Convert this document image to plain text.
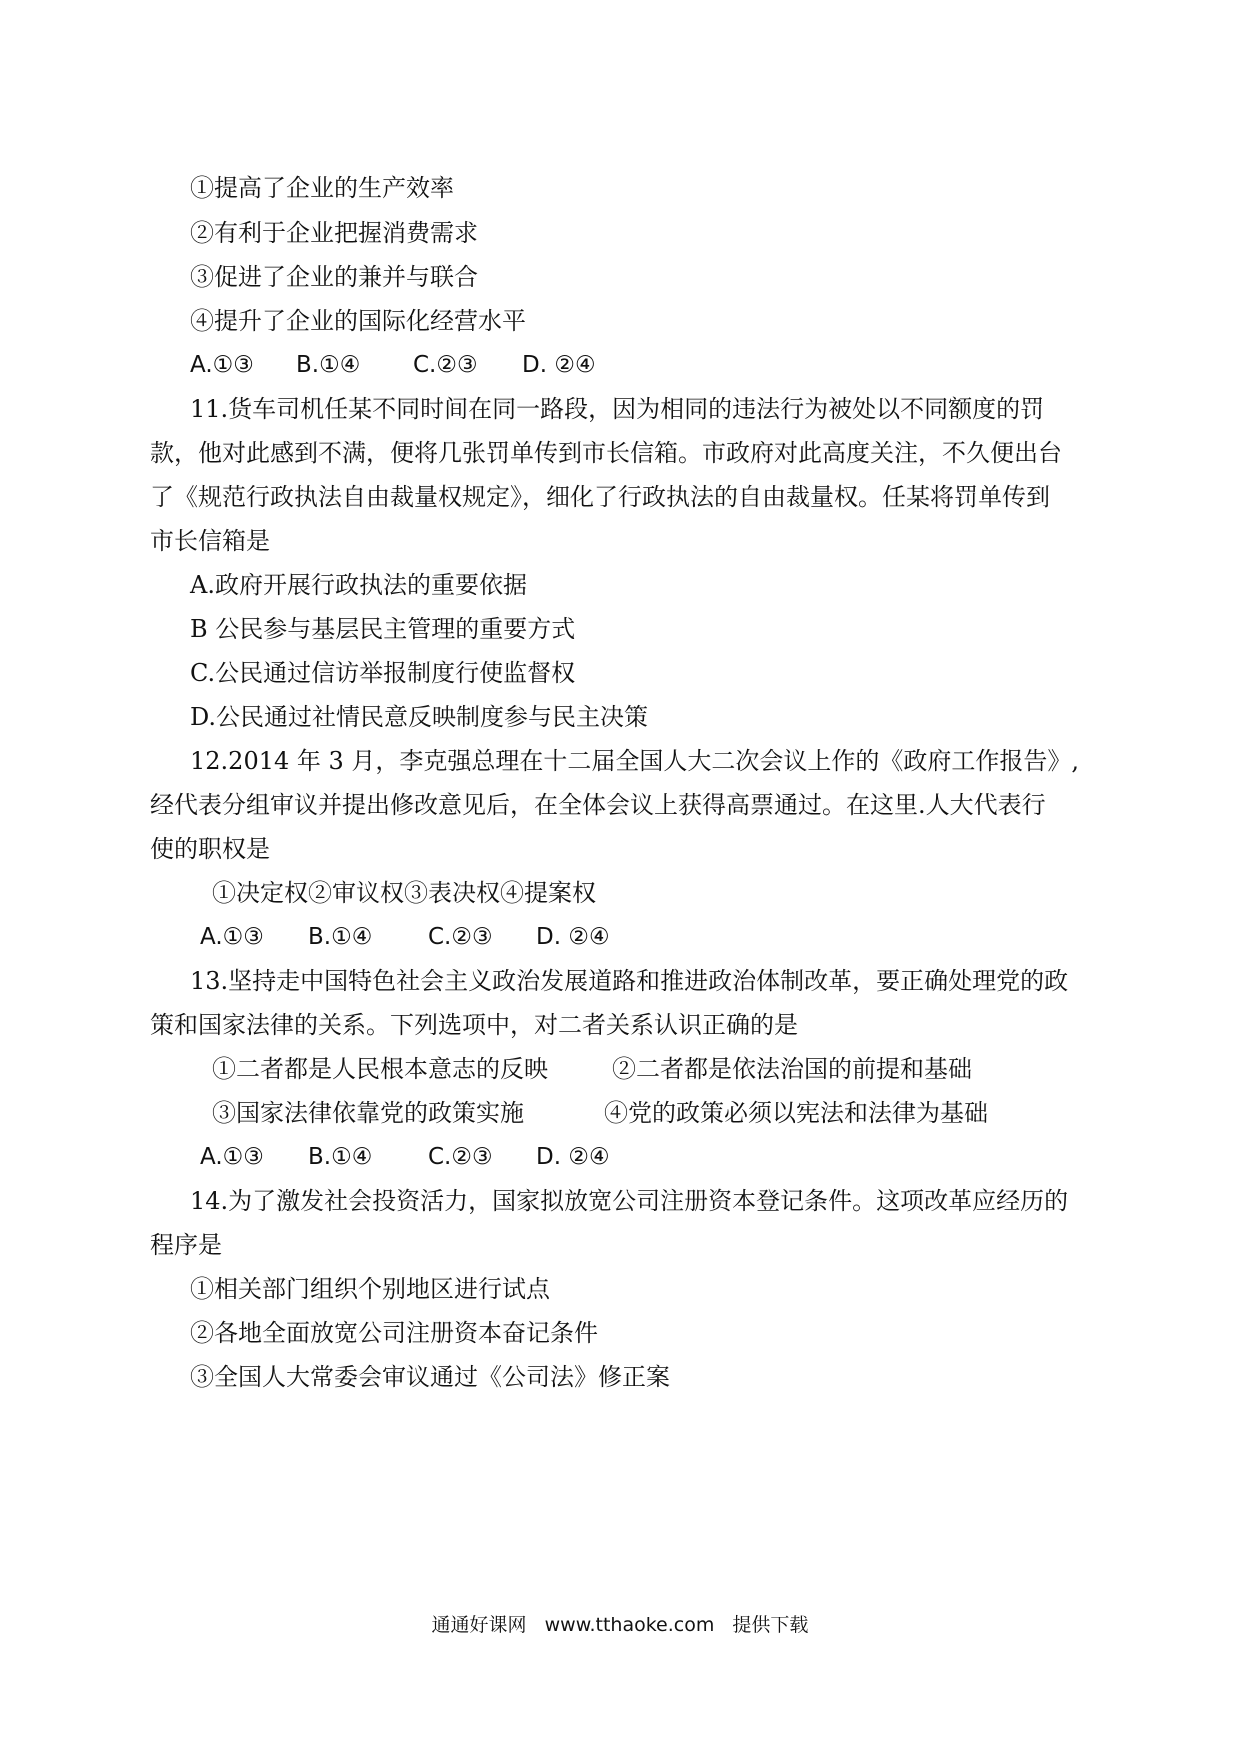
①提高了企业的生产效率
②有利于企业把握消费需求
③促进了企业的兼并与联合
④提升了企业的国际化经营水平
A.①③ B.①④ C.②③ D. ②④
11.货车司机任某不同时间在同一路段，因为相同的违法行为被处以不同额度的罚
款，他对此感到不满，便将几张罚单传到市长信箱。市政府对此高度关注，不久便出台
了《规范行政执法自由裁量权规定》，细化了行政执法的自由裁量权。任某将罚单传到
市长信箱是
A.政府开展行政执法的重要依据
B 公民参与基层民主管理的重要方式
C.公民通过信访举报制度行使监督权
D.公民通过社情民意反映制度参与民主决策
12.2014 年 3 月，李克强总理在十二届全国人大二次会议上作的《政府工作报告》,
经代表分组审议并提出修改意见后，在全体会议上获得高票通过。在这里.人大代表行
使的职权是
①决定权②审议权③表决权④提案权
A.①③ B.①④ C.②③ D. ②④
13.坚持走中国特色社会主义政治发展道路和推进政治体制改革，要正确处理党的政
策和国家法律的关系。下列选项中，对二者关系认识正确的是
①二者都是人民根本意志的反映	②二者都是依法治国的前提和基础
③国家法律依靠党的政策实施	④党的政策必须以宪法和法律为基础
A.①③ B.①④ C.②③ D. ②④
14.为了激发社会投资活力，国家拟放宽公司注册资本登记条件。这项改革应经历的
程序是
①相关部门组织个别地区进行试点
②各地全面放宽公司注册资本奋记条件
③全国人大常委会审议通过《公司法》修正案
通通好课网 www.tthaoke.com 提供下载
